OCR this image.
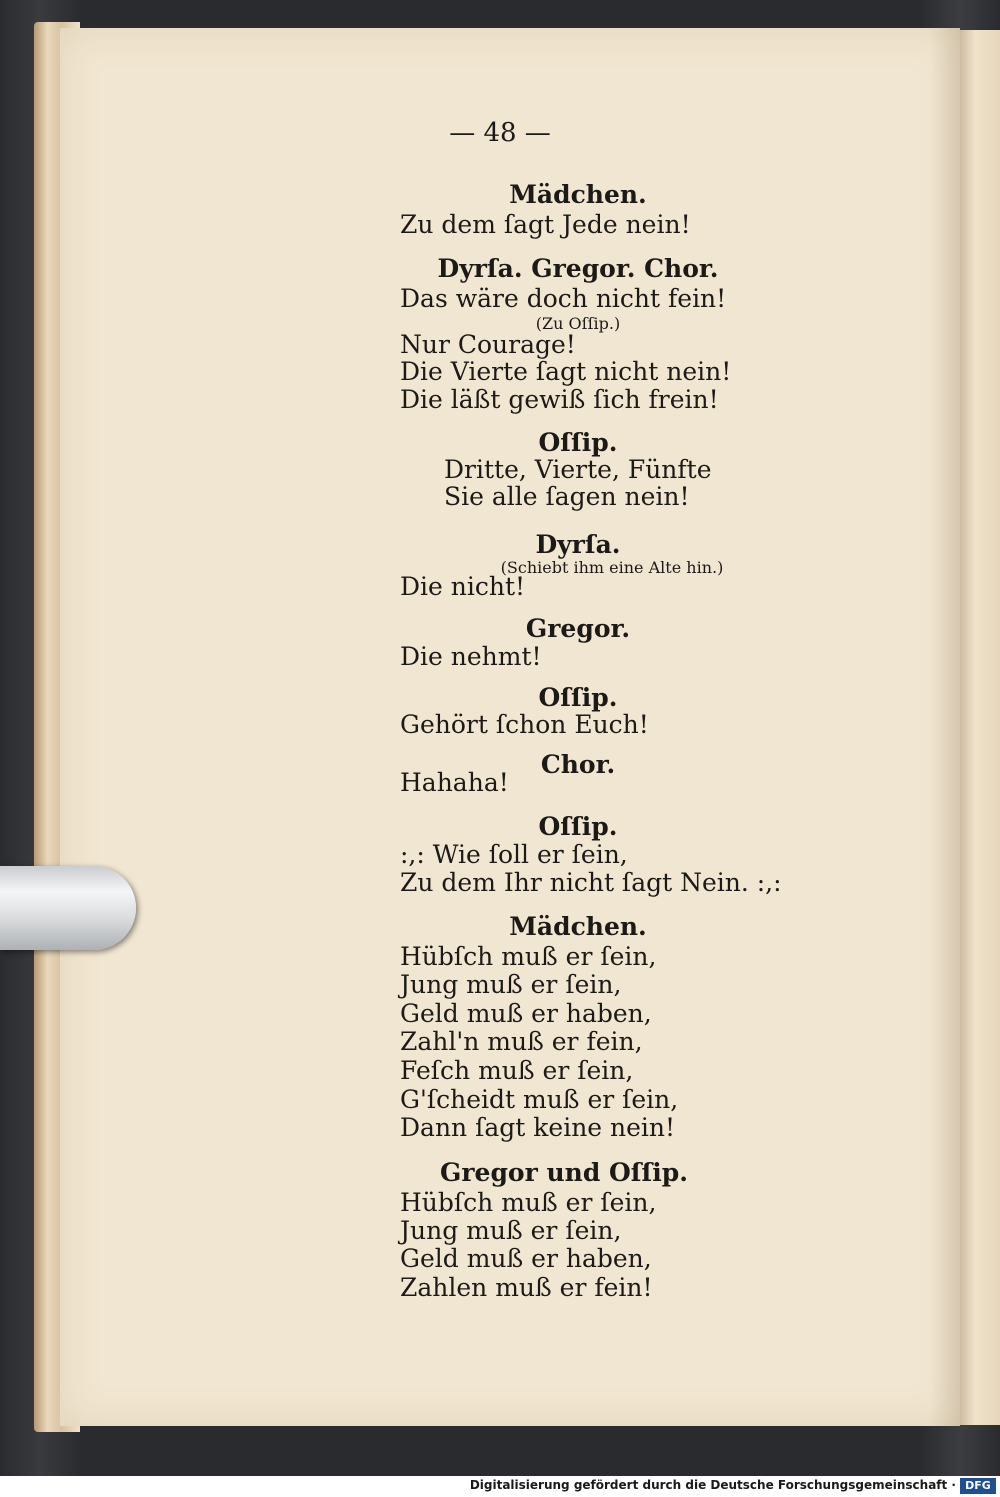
— 48 —
Mädchen.
Zu dem ſagt Jede nein!
Dyrſa. Gregor. Chor.
Das wäre doch nicht fein!
(Zu Oſſip.)
Nur Courage!
Die Vierte ſagt nicht nein!
Die läßt gewiß ſich frein!
Oſſip.
Dritte, Vierte, Fünfte
Sie alle ſagen nein!
Dyrſa.
(Schiebt ihm eine Alte hin.)
Die nicht!
Gregor.
Die nehmt!
Oſſip.
Gehört ſchon Euch!
Chor.
Hahaha!
Oſſip.
:,: Wie ſoll er ſein,
Zu dem Ihr nicht ſagt Nein. :,:
Mädchen.
Hübſch muß er ſein,
Jung muß er ſein,
Geld muß er haben,
Zahl'n muß er fein,
Feſch muß er ſein,
G'ſcheidt muß er ſein,
Dann ſagt keine nein!
Gregor und Oſſip.
Hübſch muß er ſein,
Jung muß er ſein,
Geld muß er haben,
Zahlen muß er fein!
Digitalisierung gefördert durch die Deutsche Forschungsgemeinschaft · DFG
